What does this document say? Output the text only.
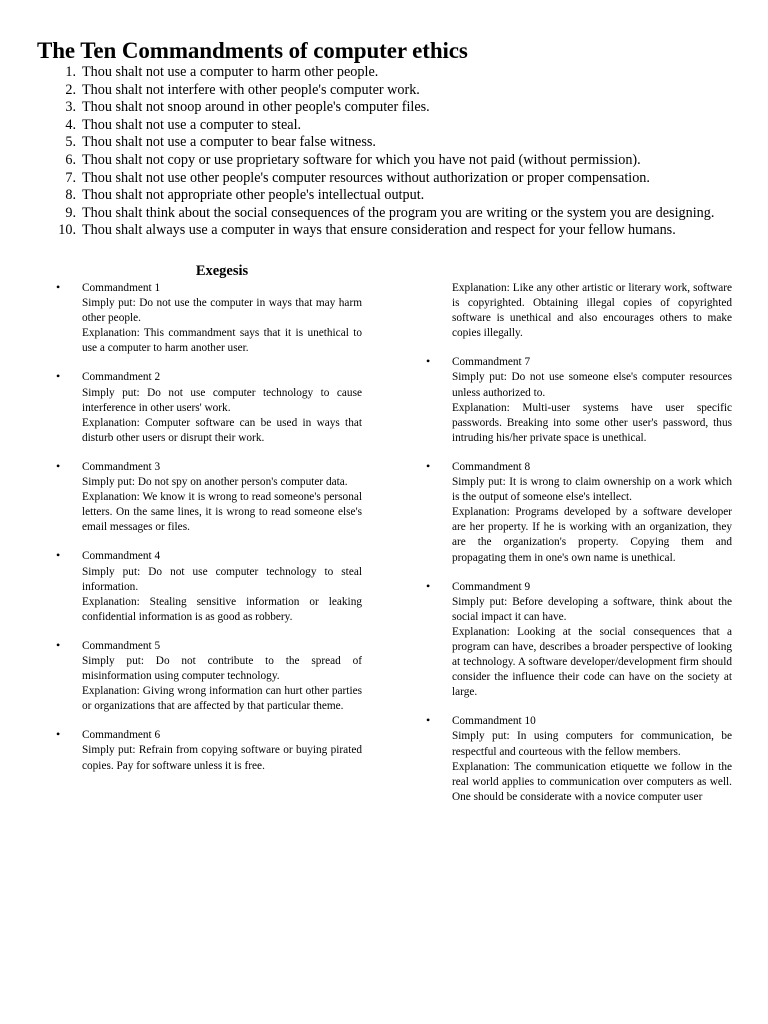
The Ten Commandments of computer ethics
1. Thou shalt not use a computer to harm other people.
2. Thou shalt not interfere with other people's computer work.
3. Thou shalt not snoop around in other people's computer files.
4. Thou shalt not use a computer to steal.
5. Thou shalt not use a computer to bear false witness.
6. Thou shalt not copy or use proprietary software for which you have not paid (without permission).
7. Thou shalt not use other people's computer resources without authorization or proper compensation.
8. Thou shalt not appropriate other people's intellectual output.
9. Thou shalt think about the social consequences of the program you are writing or the system you are designing.
10. Thou shalt always use a computer in ways that ensure consideration and respect for your fellow humans.
Exegesis
• Commandment 1

Simply put: Do not use the computer in ways that may harm other people.

Explanation: This commandment says that it is unethical to use a computer to harm another user.

• Commandment 2

Simply put: Do not use computer technology to cause interference in other users' work.

Explanation: Computer software can be used in ways that disturb other users or disrupt their work.

• Commandment 3

Simply put: Do not spy on another person's computer data.

Explanation: We know it is wrong to read someone's personal letters. On the same lines, it is wrong to read someone else's email messages or files.

• Commandment 4

Simply put: Do not use computer technology to steal information.

Explanation: Stealing sensitive information or leaking confidential information is as good as robbery.

• Commandment 5

Simply put: Do not contribute to the spread of misinformation using computer technology.

Explanation: Giving wrong information can hurt other parties or organizations that are affected by that particular theme.

• Commandment 6

Simply put: Refrain from copying software or buying pirated copies. Pay for software unless it is free.

Explanation: Like any other artistic or literary work, software is copyrighted. Obtaining illegal copies of copyrighted software is unethical and also encourages others to make copies illegally.

• Commandment 7

Simply put: Do not use someone else's computer resources unless authorized to.

Explanation: Multi-user systems have user specific passwords. Breaking into some other user's password, thus intruding his/her private space is unethical.

• Commandment 8

Simply put: It is wrong to claim ownership on a work which is the output of someone else's intellect.

Explanation: Programs developed by a software developer are her property. If he is working with an organization, they are the organization's property. Copying them and propagating them in one's own name is unethical.

• Commandment 9

Simply put: Before developing a software, think about the social impact it can have.

Explanation: Looking at the social consequences that a program can have, describes a broader perspective of looking at technology. A software developer/development firm should consider the influence their code can have on the society at large.

• Commandment 10

Simply put: In using computers for communication, be respectful and courteous with the fellow members.

Explanation: The communication etiquette we follow in the real world applies to communication over computers as well. One should be considerate with a novice computer user
